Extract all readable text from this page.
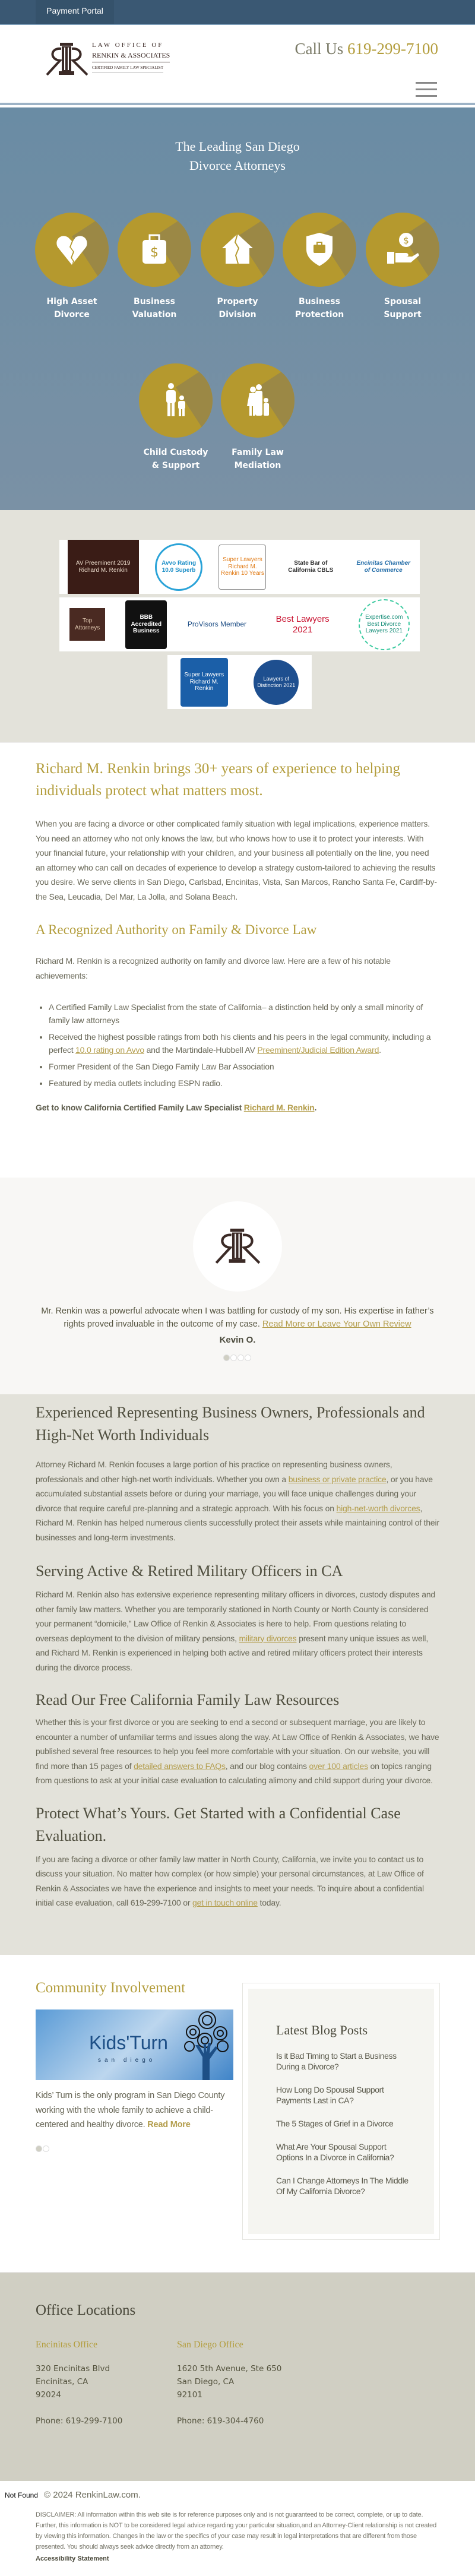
Payment Portal
LAW OFFICE OF
RENKIN & ASSOCIATES
CERTIFIED FAMILY LAW SPECIALIST
Call Us 619-299-7100
The Leading San Diego
Divorce Attorneys
High Asset
Divorce
$
Business
Valuation
Property
Division
Business
Protection
$
Spousal
Support
Child Custody
& Support
Family Law
Mediation
AV Preeminent 2019 Richard M. Renkin
Avvo Rating 10.0 Superb
Super Lawyers Richard M. Renkin 10 Years
State Bar of California CBLS
Encinitas Chamber of Commerce
Top Attorneys
BBB Accredited Business
ProVisors Member	Best Lawyers 2021
Expertise.com Best Divorce Lawyers 2021
Super Lawyers Richard M. Renkin
Lawyers of Distinction 2021
Richard M. Renkin brings 30+ years of experience to helping individuals protect what matters most.

When you are facing a divorce or other complicated family situation with legal implications, experience matters. You need an attorney who not only knows the law, but who knows how to use it to protect your interests. With your financial future, your relationship with your children, and your business all potentially on the line, you need an attorney who can call on decades of experience to develop a strategy custom-tailored to achieving the results you desire. We serve clients in San Diego, Carlsbad, Encinitas, Vista, San Marcos, Rancho Santa Fe, Cardiff-by-the Sea, Leucadia, Del Mar, La Jolla, and Solana Beach.

A Recognized Authority on Family & Divorce Law

Richard M. Renkin is a recognized authority on family and divorce law. Here are a few of his notable achievements:

• A Certified Family Law Specialist from the state of California– a distinction held by only a small minority of family law attorneys
• Received the highest possible ratings from both his clients and his peers in the legal community, including a perfect 10.0 rating on Avvo and the Martindale-Hubbell AV Preeminent/Judicial Edition Award.
• Former President of the San Diego Family Law Bar Association
• Featured by media outlets including ESPN radio.

Get to know California Certified Family Law Specialist Richard M. Renkin.

Mr. Renkin was a powerful advocate when I was battling for custody of my son. His expertise in father’s rights proved invaluable in the outcome of my case. Read More or Leave Your Own Review

Kevin O.
Experienced Representing Business Owners, Professionals and High-Net Worth Individuals

Attorney Richard M. Renkin focuses a large portion of his practice on representing business owners, professionals and other high-net worth individuals. Whether you own a business or private practice, or you have accumulated substantial assets before or during your marriage, you will face unique challenges during your divorce that require careful pre-planning and a strategic approach. With his focus on high-net-worth divorces, Richard M. Renkin has helped numerous clients successfully protect their assets while maintaining control of their businesses and long-term investments.

Serving Active & Retired Military Officers in CA

Richard M. Renkin also has extensive experience representing military officers in divorces, custody disputes and other family law matters. Whether you are temporarily stationed in North County or North County is considered your permanent “domicile,” Law Office of Renkin & Associates is here to help. From questions relating to overseas deployment to the division of military pensions, military divorces present many unique issues as well, and Richard M. Renkin is experienced in helping both active and retired military officers protect their interests during the divorce process.

Read Our Free California Family Law Resources

Whether this is your first divorce or you are seeking to end a second or subsequent marriage, you are likely to encounter a number of unfamiliar terms and issues along the way. At Law Office of Renkin & Associates, we have published several free resources to help you feel more comfortable with your situation. On our website, you will find more than 15 pages of detailed answers to FAQs, and our blog contains over 100 articles on topics ranging from questions to ask at your initial case evaluation to calculating alimony and child support during your divorce.

Protect What’s Yours. Get Started with a Confidential Case Evaluation.

If you are facing a divorce or other family law matter in North County, California, we invite you to contact us to discuss your situation. No matter how complex (or how simple) your personal circumstances, at Law Office of Renkin & Associates we have the experience and insights to meet your needs. To inquire about a confidential initial case evaluation, call 619-299-7100 or get in touch online today.

Community Involvement
Kids'Turn
san diego

Kids’ Turn is the only program in San Diego County working with the whole family to achieve a child-centered and healthy divorce. Read More

Latest Blog Posts
Is it Bad Timing to Start a Business During a Divorce?
How Long Do Spousal Support Payments Last in CA?
The 5 Stages of Grief in a Divorce
What Are Your Spousal Support Options In a Divorce in California?
Can I Change Attorneys In The Middle Of My California Divorce?
Office Locations
Encinitas Office
320 Encinitas Blvd
Encinitas, CA
92024
Phone: 619-299-7100
San Diego Office
1620 5th Avenue, Ste 650
San Diego, CA
92101
Phone: 619-304-4760
Not Found © 2024 RenkinLaw.com.

DISCLAIMER: All information within this web site is for reference purposes only and is not guaranteed to be correct, complete, or up to date. Further, this information is NOT to be considered legal advice regarding your particular situation,and an Attorney-Client relationship is not created by viewing this information. Changes in the law or the specifics of your case may result in legal interpretations that are different from those presented. You should always seek advice directly from an attorney.

Accessibility Statement
